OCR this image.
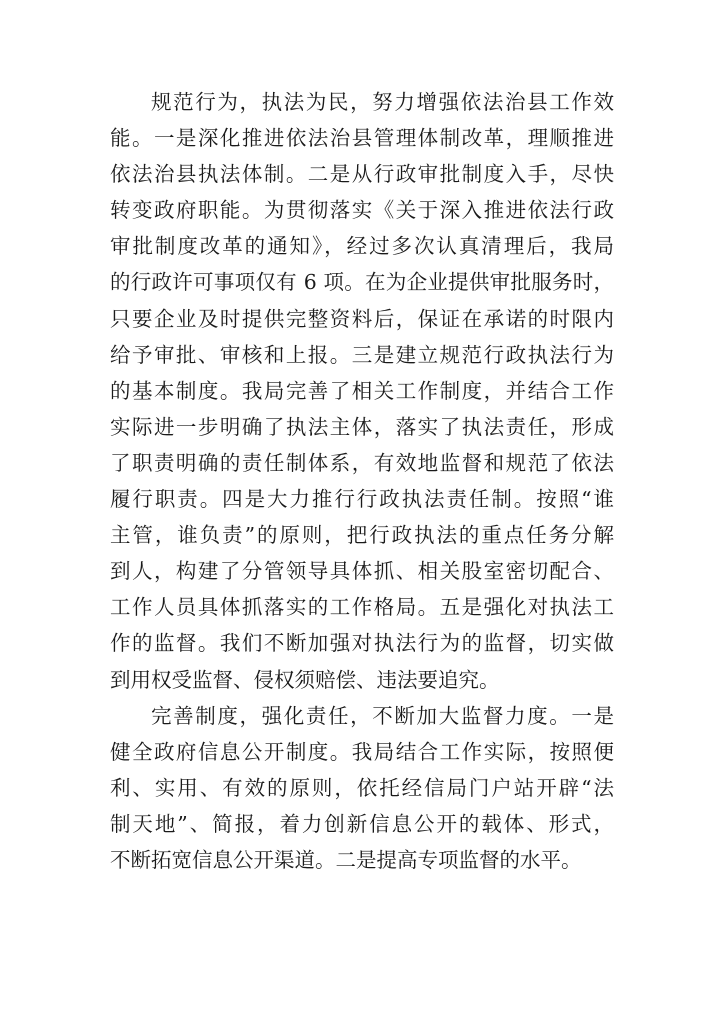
规范行为，执法为民，努力增强依法治县工作效
能。一是深化推进依法治县管理体制改革，理顺推进
依法治县执法体制。二是从行政审批制度入手，尽快
转变政府职能。为贯彻落实《关于深入推进依法行政
审批制度改革的通知》，经过多次认真清理后，我局
的行政许可事项仅有 6 项。在为企业提供审批服务时，
只要企业及时提供完整资料后，保证在承诺的时限内
给予审批、审核和上报。三是建立规范行政执法行为
的基本制度。我局完善了相关工作制度，并结合工作
实际进一步明确了执法主体，落实了执法责任，形成
了职责明确的责任制体系，有效地监督和规范了依法
履行职责。四是大力推行行政执法责任制。按照“谁
主管，谁负责”的原则，把行政执法的重点任务分解
到人，构建了分管领导具体抓、相关股室密切配合、
工作人员具体抓落实的工作格局。五是强化对执法工
作的监督。我们不断加强对执法行为的监督，切实做
到用权受监督、侵权须赔偿、违法要追究。
完善制度，强化责任，不断加大监督力度。一是
健全政府信息公开制度。我局结合工作实际，按照便
利、实用、有效的原则，依托经信局门户站开辟“法
制天地”、简报，着力创新信息公开的载体、形式，
不断拓宽信息公开渠道。二是提高专项监督的水平。
